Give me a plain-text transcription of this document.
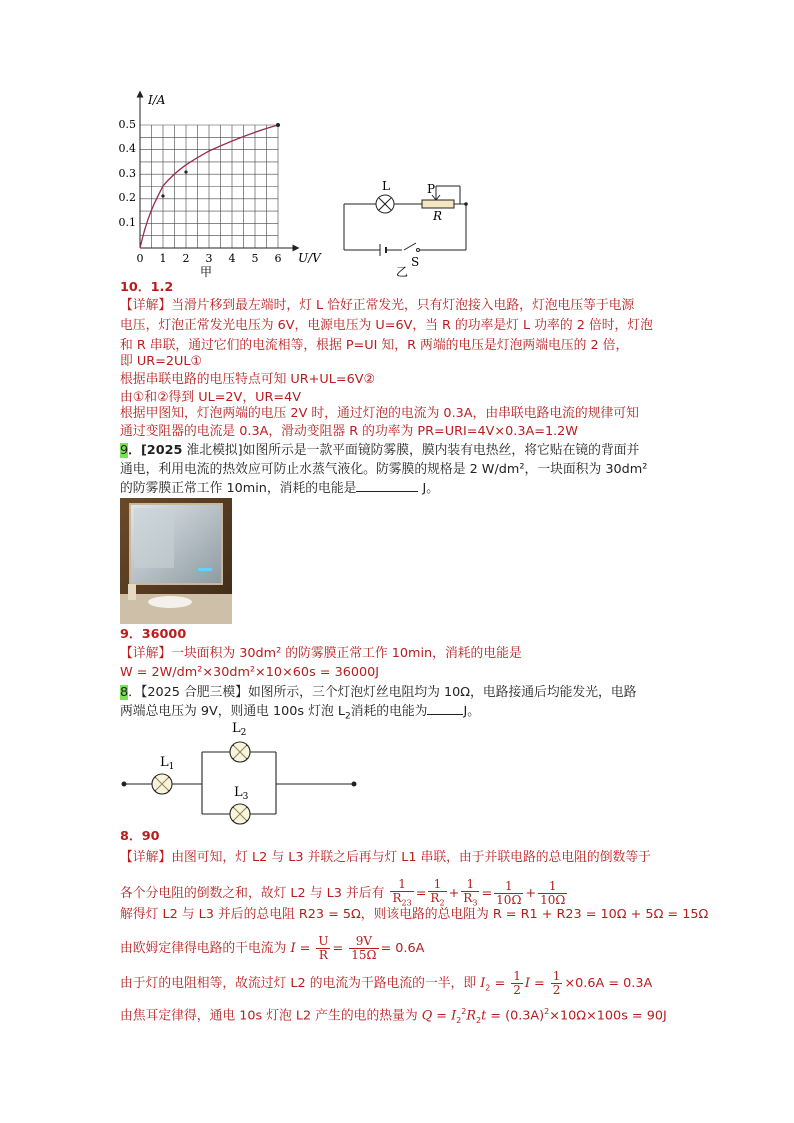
I/A
U/V
0.5
0.4
0.3
0.2
0.1
0 1 2 3 4 5 6
甲
L	P
R
S
乙
10．1.2
【详解】当滑片移到最左端时，灯 L 恰好正常发光，只有灯泡接入电路，灯泡电压等于电源
电压，灯泡正常发光电压为 6V，电源电压为 U=6V，当 R 的功率是灯 L 功率的 2 倍时，灯泡
和 R 串联，通过它们的电流相等，根据 P=UI 知，R 两端的电压是灯泡两端电压的 2 倍，
即 UR=2UL①
根据串联电路的电压特点可知 UR+UL=6V②
由①和②得到 UL=2V，UR=4V
根据甲图知，灯泡两端的电压 2V 时，通过灯泡的电流为 0.3A，由串联电路电流的规律可知
通过变阻器的电流是 0.3A，滑动变阻器 R 的功率为 PR=URI=4V×0.3A=1.2W
9．[2025 淮北模拟]如图所示是一款平面镜防雾膜，膜内装有电热丝，将它贴在镜的背面并
通电，利用电流的热效应可防止水蒸气液化。防雾膜的规格是 2 W/dm²，一块面积为 30dm²
的防雾膜正常工作 10min，消耗的电能是	J。
9．36000
【详解】一块面积为 30dm² 的防雾膜正常工作 10min，消耗的电能是
W = 2W/dm²×30dm²×10×60s = 36000J
8．【2025 合肥三模】如图所示，三个灯泡灯丝电阻均为 10Ω，电路接通后均能发光，电路
两端总电压为 9V，则通电 100s 灯泡 $L_2$消耗的电能为	J。
$L_1$
$L_2$
$L_3$
8．90
【详解】由图可知，灯 L2 与 L3 并联之后再与灯 L1 串联，由于并联电路的总电阻的倒数等于
各个分电阻的倒数之和，故灯 L2 与 L3 并后有 $\frac{1}{R_{23}} = \frac{1}{R_2} + \frac{1}{R_3} = \frac{1}{10\Omega} + \frac{1}{10\Omega}$
解得灯 L2 与 L3 并后的总电阻 R23 = 5Ω，则该电路的总电阻为 R = R1 + R23 = 10Ω + 5Ω = 15Ω
由欧姆定律得电路的干电流为 $I = \frac{U}{R} = \frac{9V}{15\Omega} = 0.6A$
由于灯的电阻相等，故流过灯 L2 的电流为干路电流的一半，即 $I_2 = \frac{1}{2}$ $I = \frac{1}{2} \times 0.6A = 0.3A$
由焦耳定律得，通电 10s 灯泡 L2 产生的电的热量为 $Q = I_2^2R_2t = (0.3A)^2\times 10\Omega\times 100s = 90J$
